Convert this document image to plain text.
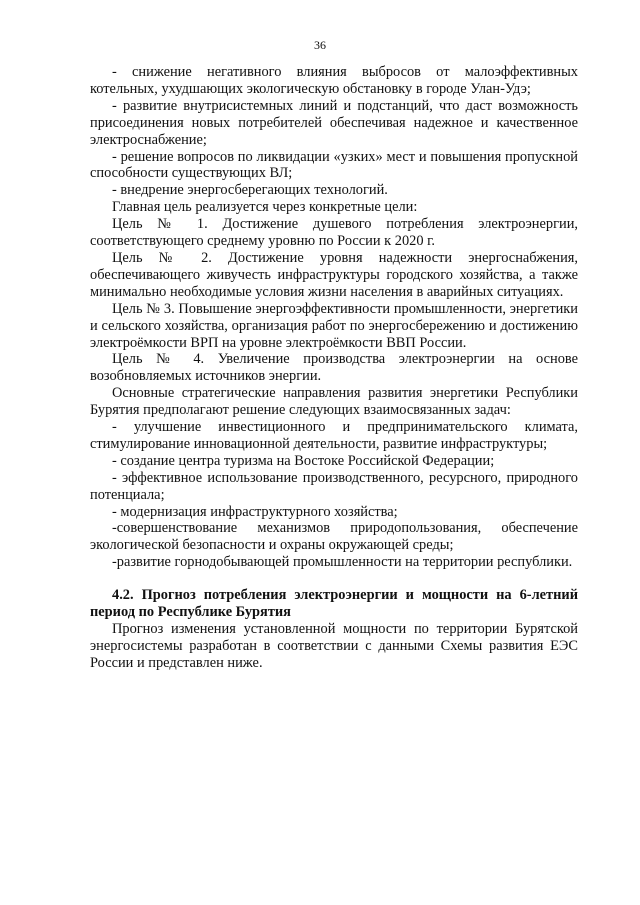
36

- снижение негативного влияния выбросов от малоэффективных котельных, ухудшающих экологическую обстановку в городе Улан-Удэ;

- развитие внутрисистемных линий и подстанций, что даст возможность присоединения новых потребителей обеспечивая надежное и качественное электроснабжение;

- решение вопросов по ликвидации «узких» мест и повышения пропускной способности существующих ВЛ;

- внедрение энергосберегающих технологий.

Главная цель реализуется через конкретные цели:

Цель № 1. Достижение душевого потребления электроэнергии, соответствующего среднему уровню по России к 2020 г.

Цель № 2. Достижение уровня надежности энергоснабжения, обеспечивающего живучесть инфраструктуры городского хозяйства, а также минимально необходимые условия жизни населения в аварийных ситуациях.

Цель № 3. Повышение энергоэффективности промышленности, энергетики и сельского хозяйства, организация работ по энергосбережению и достижению электроёмкости ВРП на уровне электроёмкости ВВП России.

Цель № 4. Увеличение производства электроэнергии на основе возобновляемых источников энергии.

Основные стратегические направления развития энергетики Республики Бурятия предполагают решение следующих взаимосвязанных задач:

- улучшение инвестиционного и предпринимательского климата, стимулирование инновационной деятельности, развитие инфраструктуры;

- создание центра туризма на Востоке Российской Федерации;

- эффективное использование производственного, ресурсного, природного потенциала;

- модернизация инфраструктурного хозяйства;

-совершенствование механизмов природопользования, обеспечение экологической безопасности и охраны окружающей среды;

-развитие горнодобывающей промышленности на территории республики.

4.2. Прогноз потребления электроэнергии и мощности на 6-летний период по Республике Бурятия

Прогноз изменения установленной мощности по территории Бурятской энергосистемы разработан в соответствии с данными Схемы развития ЕЭС России и представлен ниже.
